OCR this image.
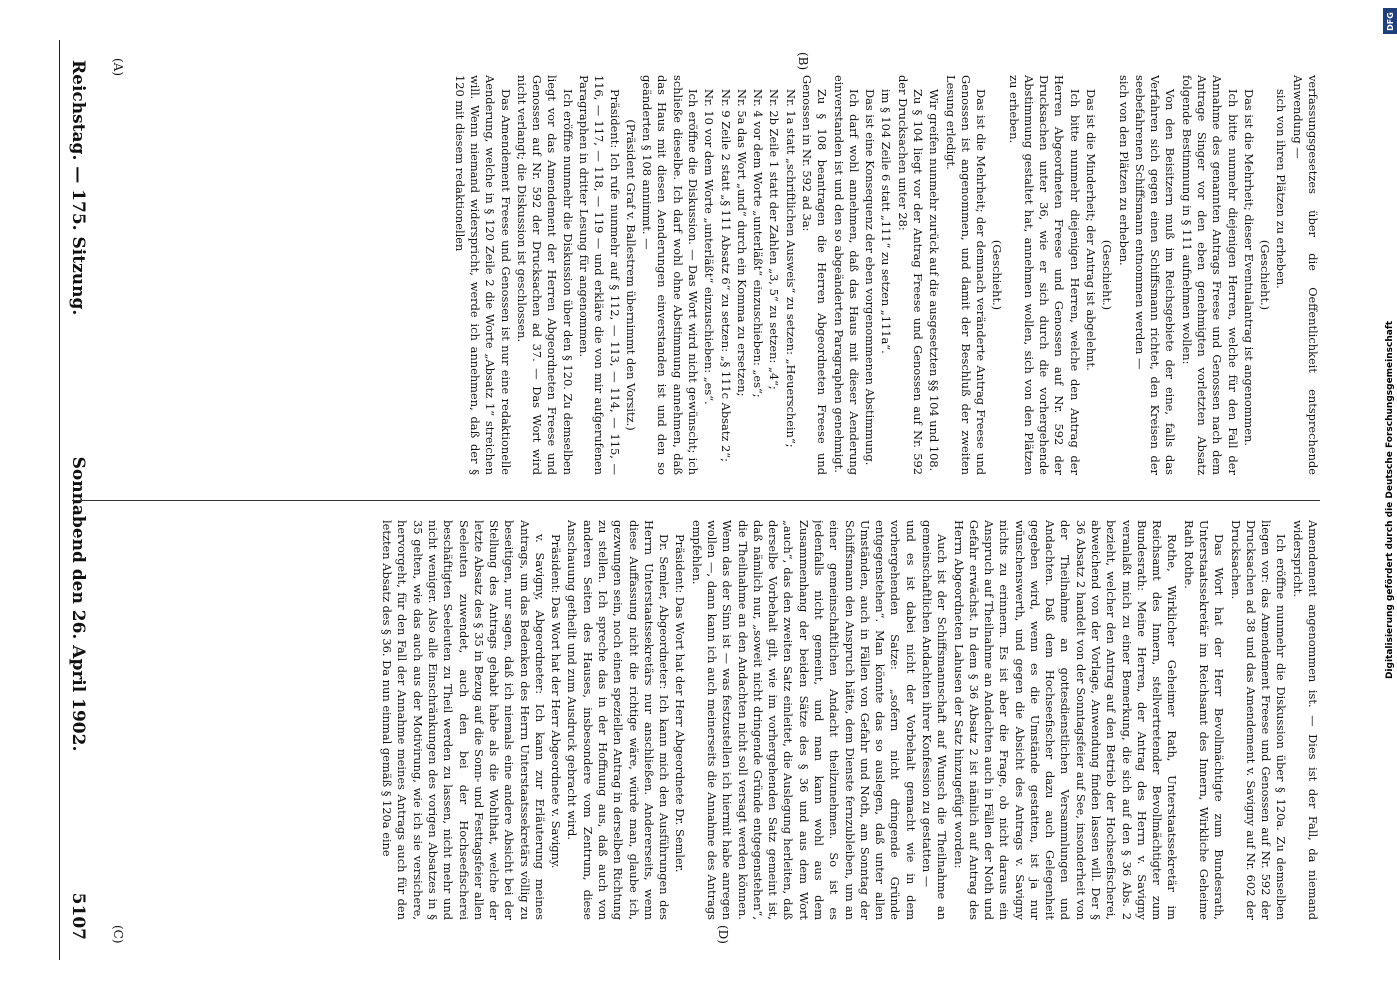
Reichstag. — 175. Sitzung.
Sonnabend den 26. April 1902.
5107
(A)	(B)
(C)	(D)

verfassungsgesetzes über die Oeffentlichkeit entsprechende Anwendung —

sich von ihren Plätzen zu erheben.

(Geschieht.)

Das ist die Mehrheit; dieser Eventualantrag ist angenommen.

Ich bitte nunmehr diejenigen Herren, welche für den Fall der Annahme des genannten Antrags Freese und Genossen nach dem Antrage Singer vor den eben genehmigten vorletzten Absatz folgende Bestimmung in § 111 aufnehmen wollen:

Von den Beisitzern muß im Reichsgebiete der eine, falls das Verfahren sich gegen einen Schiffsmann richtet, den Kreisen der seebefahrenen Schiffsmann entnommen werden —

sich von den Plätzen zu erheben.

(Geschieht.)

Das ist die Minderheit; der Antrag ist abgelehnt.

Ich bitte nunmehr diejenigen Herren, welche den Antrag der Herren Abgeordneten Freese und Genossen auf Nr. 592 der Drucksachen unter 36, wie er sich durch die vorhergehende Abstimmung gestaltet hat, annehmen wollen, sich von den Plätzen zu erheben.

(Geschieht.)

Das ist die Mehrheit; der demnach veränderte Antrag Freese und Genossen ist angenommen, und damit der Beschluß der zweiten Lesung erledigt.

Wir greifen nunmehr zurück auf die ausgesetzten §§ 104 und 108.

Zu § 104 liegt vor der Antrag Freese und Genossen auf Nr. 592 der Drucksachen unter 28:

im § 104 Zeile 6 statt „111“ zu setzen „111a“.

Das ist eine Konsequenz der eben vorgenommenen Abstimmung.

Ich darf wohl annehmen, daß das Haus mit dieser Aenderung einverstanden ist und den so abgeänderten Paragraphen genehmigt.

Zu § 108 beantragen die Herren Abgeordneten Freese und Genossen in Nr. 592 ad 3a:

Nr. 1a statt „schriftlichen Ausweis“ zu setzen: „Heuerschein“;

Nr. 2b Zeile 1 statt der Zahlen „3, 5“ zu setzen: „4“;

Nr. 4 vor dem Worte „unterläßt“ einzuschieben: „es“;

Nr. 5a das Wort „und“ durch ein Komma zu ersetzen;

Nr. 9 Zeile 2 statt „§ 111 Absatz 6“ zu setzen: „§ 111c Absatz 2“;

Nr. 10 vor dem Worte „unterläßt“ einzuschieben: „es“.

Ich eröffne die Diskussion. — Das Wort wird nicht gewünscht; ich schließe dieselbe. Ich darf wohl ohne Abstimmung annehmen, daß das Haus mit diesen Aenderungen einverstanden ist und den so geänderten § 108 annimmt. —

(Präsident Graf v. Ballestrem übernimmt den Vorsitz.)

Präsident: Ich rufe nunmehr auf § 112, — 113, — 114, — 115, — 116, — 117, — 118, — 119 — und erkläre die von mir aufgerufenen Paragraphen in dritter Lesung für angenommen.

Ich eröffne nunmehr die Diskussion über den § 120. Zu demselben liegt vor das Amendement der Herren Abgeordneten Freese und Genossen auf Nr. 592 der Drucksachen ad 37. — Das Wort wird nicht verlangt; die Diskussion ist geschlossen.

Das Amendement Freese und Genossen ist nur eine redaktionelle Aenderung, welche in § 120 Zeile 2 die Worte „Absatz 1“ streichen will. Wenn niemand widerspricht, werde ich annehmen, daß der § 120 mit diesem redaktionellen

Amendement angenommen ist. — Dies ist der Fall, da niemand widerspricht.

Ich eröffne nunmehr die Diskussion über § 120a. Zu demselben liegen vor: das Amendement Freese und Genossen auf Nr. 592 der Drucksachen ad 38 und das Amendement v. Savigny auf Nr. 602 der Drucksachen.

Das Wort hat der Herr Bevollmächtigte zum Bundesrath, Unterstaatssekretär im Reichsamt des Innern, Wirkliche Geheime Rath Rothe.

Rothe, Wirklicher Geheimer Rath, Unterstaatssekretär im Reichsamt des Innern, stellvertretender Bevollmächtigter zum Bundesrath: Meine Herren, der Antrag des Herrn v. Savigny veranlaßt mich zu einer Bemerkung, die sich auf den § 36 Abs. 2 bezieht, welcher den Antrag auf den Betrieb der Hochseefischerei, abweichend von der Vorlage, Anwendung finden lassen will. Der § 36 Absatz 2 handelt von der Sonntagsfeier auf See, insonderheit von der Theilnahme an gottesdienstlichen Versammlungen und Andachten. Daß dem Hochseefischer dazu auch Gelegenheit gegeben wird, wenn es die Umstände gestatten, ist ja nur wünschenswerth, und gegen die Absicht des Antrags v. Savigny nichts zu erinnern. Es ist aber die Frage, ob nicht daraus ein Anspruch auf Theilnahme an Andachten auch in Fällen der Noth und Gefahr erwächst. In dem § 36 Absatz 2 ist nämlich auf Antrag des Herrn Abgeordneten Lahusen der Satz hinzugefügt worden:

Auch ist der Schiffsmannschaft auf Wunsch die Theilnahme an gemeinschaftlichen Andachten ihrer Konfession zu gestatten —

und es ist dabei nicht der Vorbehalt gemacht wie in dem vorhergehenden Satze: „sofern nicht dringende Gründe entgegenstehen“. Man könnte das so auslegen, daß unter allen Umständen, auch in Fällen von Gefahr und Noth, am Sonntag der Schiffsmann den Anspruch hätte, dem Dienste fernzubleiben, um an einer gemeinschaftlichen Andacht theilzunehmen. So ist es jedenfalls nicht gemeint, und man kann wohl aus dem Zusammenhang der beiden Sätze des § 36 und aus dem Wort „auch“, das den zweiten Satz einleitet, die Auslegung herleiten, daß derselbe Vorbehalt gilt, wie im vorhergehenden Satz gemeint ist, daß nämlich nur, „soweit nicht dringende Gründe entgegenstehen“, die Theilnahme an den Andachten nicht soll versagt werden können. Wenn das der Sinn ist — was festzustellen ich hiermit habe anregen wollen —, dann kann ich auch meinerseits die Annahme des Antrags empfehlen.

Präsident: Das Wort hat der Herr Abgeordnete Dr. Semler.

Dr. Semler, Abgeordneter: Ich kann mich den Ausführungen des Herrn Unterstaatssekretärs nur anschließen. Andererseits, wenn diese Auffassung nicht die richtige wäre, würde man, glaube ich, gezwungen sein, noch einen speziellen Antrag in derselben Richtung zu stellen. Ich spreche das in der Hoffnung aus, daß auch von anderen Seiten des Hauses, insbesondere vom Zentrum, diese Anschauung getheilt und zum Ausdruck gebracht wird.

Präsident: Das Wort hat der Herr Abgeordnete v. Savigny.

v. Savigny, Abgeordneter: Ich kann zur Erläuterung meines Antrags, um das Bedenken des Herrn Unterstaatssekretärs völlig zu beseitigen, nur sagen, daß ich niemals eine andere Absicht bei der Stellung des Antrags gehabt habe als die Wohlthat, welche der letzte Absatz des § 35 in Bezug auf die Sonn- und Festtagsfeier allen Seeleuten zuwendet, auch den bei der Hochseefischerei beschäftigten Seeleuten zu Theil werden zu lassen, nicht mehr und nicht weniger. Also alle Einschränkungen des vorigen Absatzes in § 35 gelten, wie das auch aus der Motivirung, wie ich sie versichere, hervorgeht, für den Fall der Annahme meines Antrags auch für den letzten Absatz des § 36. Da nun einmal gemäß § 120a eine

Digitalisierung gefördert durch die Deutsche Forschungsgemeinschaft
DFG
